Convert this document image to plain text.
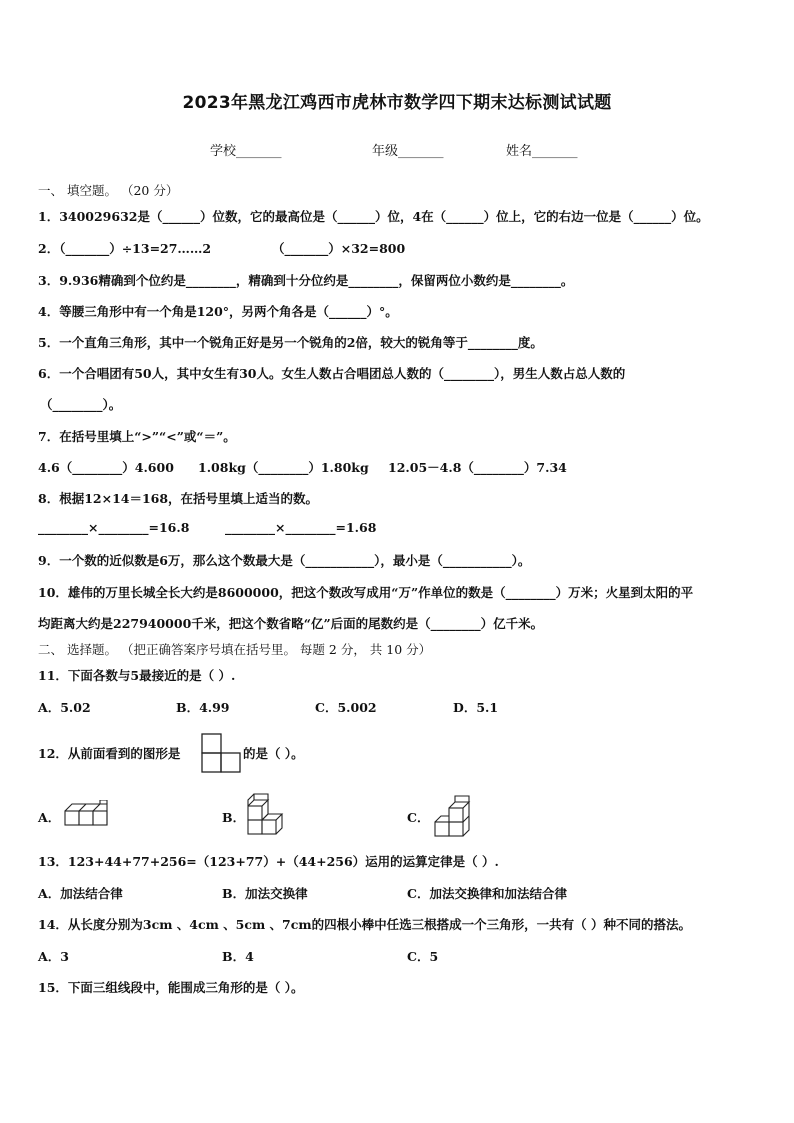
2023年黑龙江鸡西市虎林市数学四下期末达标测试试题
学校_______	年级_______	姓名_______
一、 填空题。 （20 分）
1．340029632是（______）位数，它的最高位是（______）位，4在（______）位上，它的右边一位是（______）位。
2．（_______）÷13=27……2	（_______）×32=800
3．9.936精确到个位约是________，精确到十分位约是________，保留两位小数约是________。
4．等腰三角形中有一个角是120°，另两个角各是（______）°。
5．一个直角三角形，其中一个锐角正好是另一个锐角的2倍，较大的锐角等于________度。
6．一个合唱团有50人，其中女生有30人。女生人数占合唱团总人数的（________），男生人数占总人数的
（________）。
7．在括号里填上“>”“<”或“＝”。
4.6（________）4.600 1.08kg（________）1.80kg 12.05－4.8（________）7.34
8．根据12×14＝168，在括号里填上适当的数。
________×________=16.8	________×________=1.68
9．一个数的近似数是6万，那么这个数最大是（___________），最小是（___________）。
10．雄伟的万里长城全长大约是8600000，把这个数改写成用“万”作单位的数是（________）万米；火星到太阳的平
均距离大约是227940000千米，把这个数省略“亿”后面的尾数约是（________）亿千米。
二、 选择题。 （把正确答案序号填在括号里。 每题 2 分， 共 10 分）
11．下面各数与5最接近的是（ ）.
A．5.02	B．4.99	C．5.002	D．5.1
12．从前面看到的图形是	的是（ ）。
A．	B．	C．
13．123+44+77+256=（123+77）+（44+256）运用的运算定律是（ ）.
A．加法结合律	B．加法交换律	C．加法交换律和加法结合律
14．从长度分别为3cm 、4cm 、5cm 、7cm的四根小棒中任选三根搭成一个三角形，一共有（ ）种不同的搭法。
A．3	B．4	C．5
15．下面三组线段中，能围成三角形的是（ ）。
